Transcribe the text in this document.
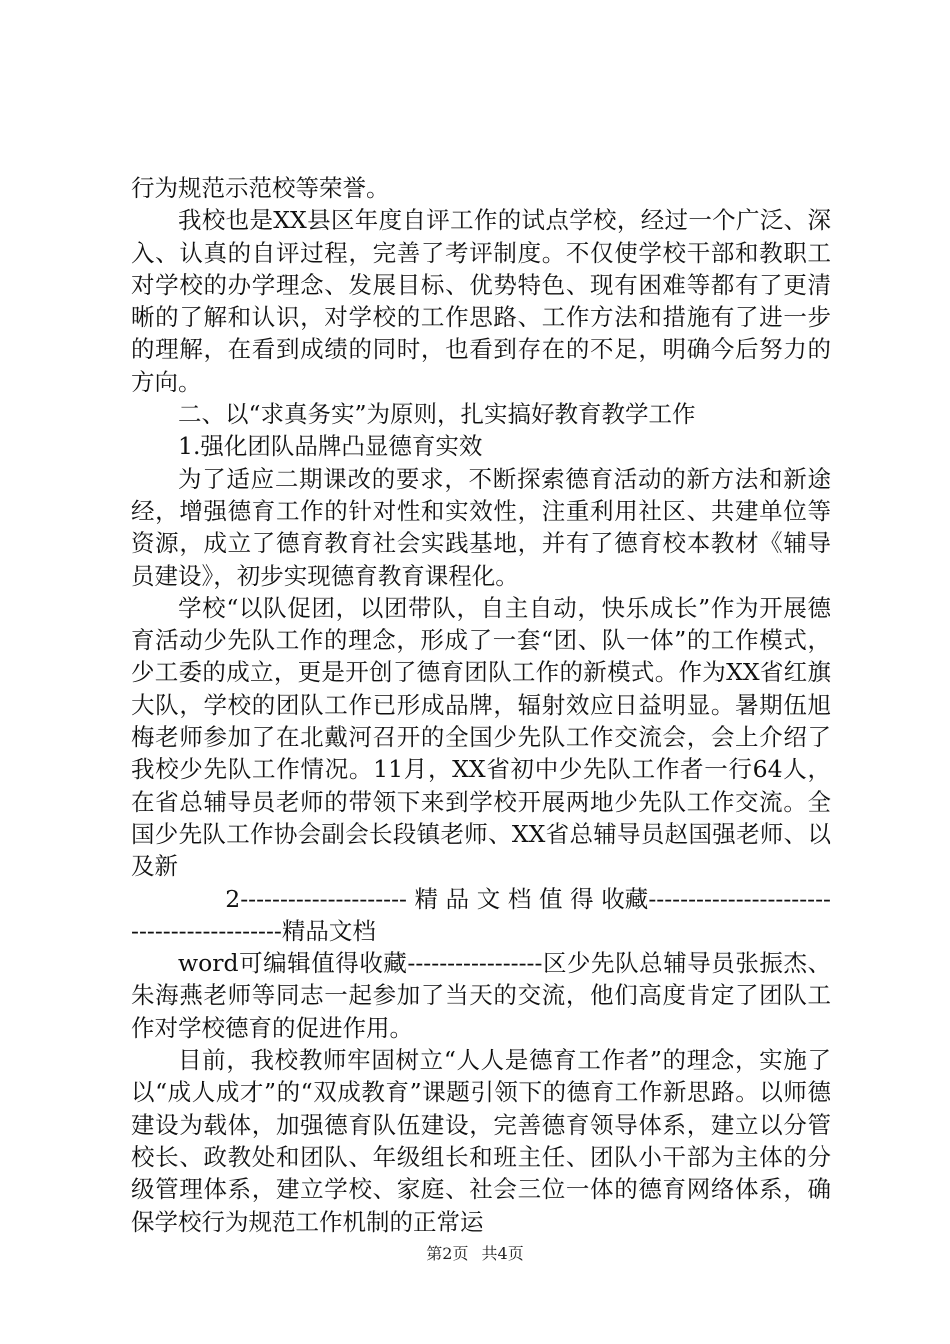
行为规范示范校等荣誉。

我校也是XX县区年度自评工作的试点学校，经过一个广泛、深入、认真的自评过程，完善了考评制度。不仅使学校干部和教职工对学校的办学理念、发展目标、优势特色、现有困难等都有了更清晰的了解和认识，对学校的工作思路、工作方法和措施有了进一步的理解，在看到成绩的同时，也看到存在的不足，明确今后努力的方向。

二、以“求真务实”为原则，扎实搞好教育教学工作

1.强化团队品牌凸显德育实效

为了适应二期课改的要求，不断探索德育活动的新方法和新途经，增强德育工作的针对性和实效性，注重利用社区、共建单位等资源，成立了德育教育社会实践基地，并有了德育校本教材《辅导员建设》，初步实现德育教育课程化。

学校“以队促团，以团带队，自主自动，快乐成长”作为开展德育活动少先队工作的理念，形成了一套“团、队一体”的工作模式，少工委的成立，更是开创了德育团队工作的新模式。作为XX省红旗大队，学校的团队工作已形成品牌，辐射效应日益明显。暑期伍旭梅老师参加了在北戴河召开的全国少先队工作交流会，会上介绍了我校少先队工作情况。11月，XX省初中少先队工作者一行64人，在省总辅导员老师的带领下来到学校开展两地少先队工作交流。全国少先队工作协会副会长段镇老师、XX省总辅导员赵国强老师、以及新

　　　　2--------------------- 精 品 文 档 值 得 收藏------------------------------------------精品文档

word可编辑值得收藏-----------------区少先队总辅导员张振杰、朱海燕老师等同志一起参加了当天的交流，他们高度肯定了团队工作对学校德育的促进作用。

目前，我校教师牢固树立“人人是德育工作者”的理念，实施了以“成人成才”的“双成教育”课题引领下的德育工作新思路。以师德建设为载体，加强德育队伍建设，完善德育领导体系，建立以分管校长、政教处和团队、年级组长和班主任、团队小干部为主体的分级管理体系，建立学校、家庭、社会三位一体的德育网络体系，确保学校行为规范工作机制的正常运

第2页 共4页
